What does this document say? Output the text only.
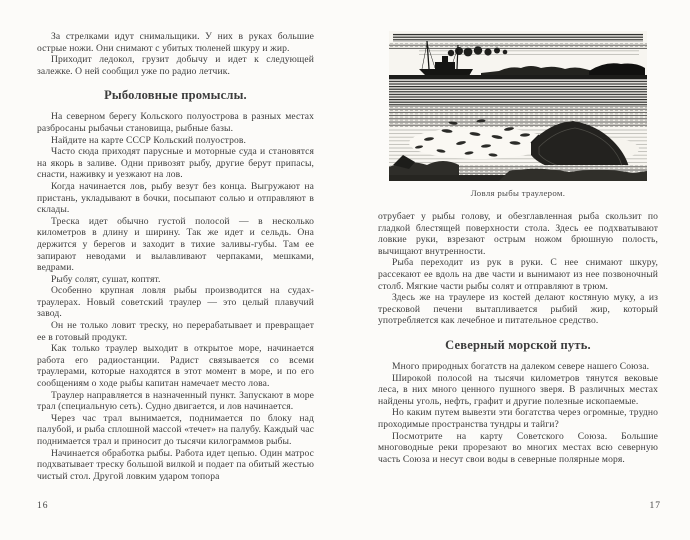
За стрелками идут снимальщики. У них в руках большие острые ножи. Они снимают с убитых тюленей шкуру и жир.

Приходит ледокол, грузит добычу и идет к следующей залежке. О ней сообщил уже по радио летчик.

Рыболовные промыслы.

На северном берегу Кольского полуострова в разных местах разбросаны рыбачьи становища, рыбные базы.

Найдите на карте СССР Кольский полуостров.

Часто сюда приходят парусные и моторные суда и становятся на якорь в заливе. Одни привозят рыбу, другие берут припасы, снасти, наживку и уезжают на лов.

Когда начинается лов, рыбу везут без конца. Выгружают на пристань, укладывают в бочки, посыпают солью и отправляют в склады.

Треска идет обычно густой полосой — в несколько километров в длину и ширину. Так же идет и сельдь. Она держится у берегов и заходит в тихие заливы-губы. Там ее запирают неводами и вылавливают черпаками, мешками, ведрами.

Рыбу солят, сушат, коптят.

Особенно крупная ловля рыбы производится на судах-траулерах. Новый советский траулер — это целый плавучий завод.

Он не только ловит треску, но перерабатывает и превращает ее в готовый продукт.

Как только траулер выходит в открытое море, начинается работа его радиостанции. Радист связывается со всеми траулерами, которые находятся в этот момент в море, и по его сообщениям о ходе рыбы капитан намечает место лова.

Траулер направляется в назначенный пункт. Запускают в море трал (специальную сеть). Судно двигается, и лов начинается.

Через час трал вынимается, поднимается по блоку над палубой, и рыба сплошной массой «течет» на палубу. Каждый час поднимается трал и приносит до тысячи килограммов рыбы.

Начинается обработка рыбы. Работа идет цепью. Один матрос подхватывает треску большой вилкой и подает па обитый жестью чистый стол. Другой ловким ударом топора

Ловля рыбы траулером.

отрубает у рыбы голову, и обезглавленная рыба скользит по гладкой блестящей поверхности стола. Здесь ее подхватывают ловкие руки, взрезают острым ножом брюшную полость, вычищают внутренности.

Рыба переходит из рук в руки. С нее снимают шкуру, рассекают ее вдоль на две части и вынимают из нее позвоночный столб. Мягкие части рыбы солят и отправляют в трюм.

Здесь же на траулере из костей делают костяную муку, а из тресковой печени вытапливается рыбий жир, который употребляется как лечебное и питательное средство.

Северный морской путь.

Много природных богатств на далеком севере нашего Союза.

Широкой полосой на тысячи километров тянутся вековые леса, в них много ценного пушного зверя. В различных местах найдены уголь, нефть, графит и другие полезные ископаемые.

Но каким путем вывезти эти богатства через огромные, трудно проходимые пространства тундры и тайги?

Посмотрите на карту Советского Союза. Большие многоводные реки прорезают во многих местах всю северную часть Союза и несут свои воды в северные полярные моря.

16	17
